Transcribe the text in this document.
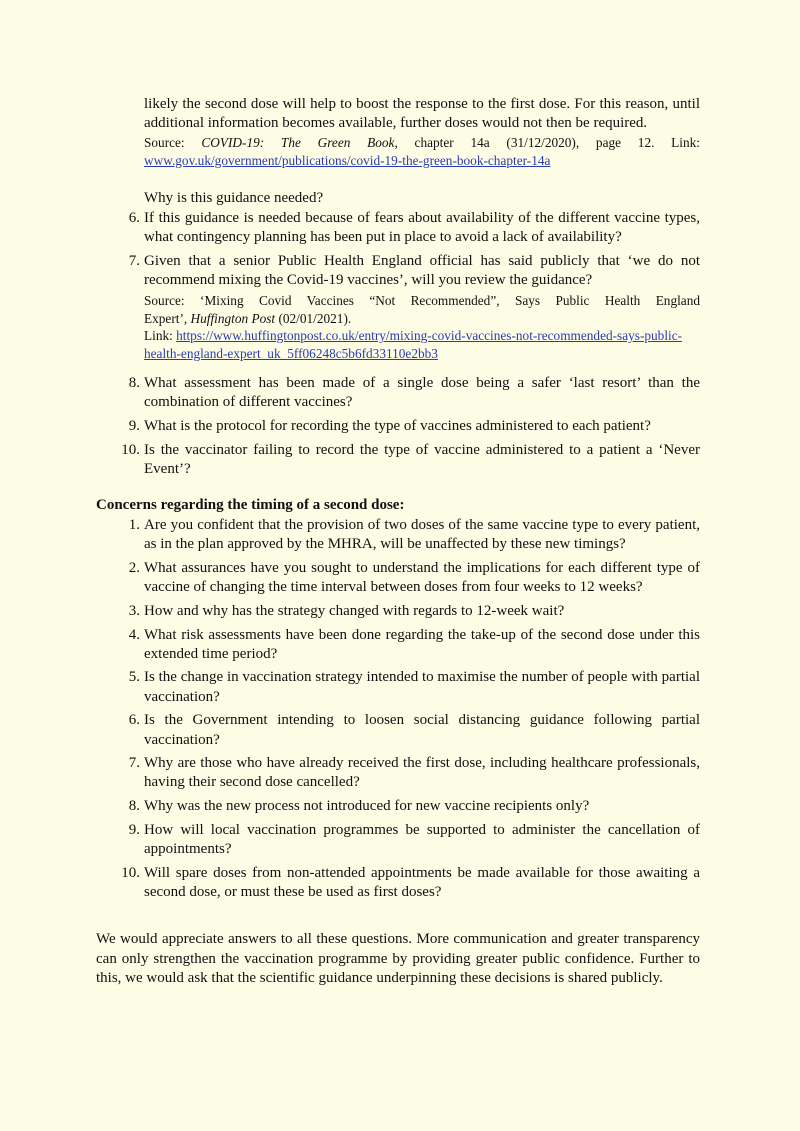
likely the second dose will help to boost the response to the first dose. For this reason, until

additional information becomes available, further doses would not then be required.

Source: COVID-19: The Green Book, chapter 14a (31/12/2020), page 12. Link:

www.gov.uk/government/publications/covid-19-the-green-book-chapter-14a

Why is this guidance needed?

6. If this guidance is needed because of fears about availability of the different vaccine types, what contingency planning has been put in place to avoid a lack of availability?
7. Given that a senior Public Health England official has said publicly that ‘we do not recommend mixing the Covid-19 vaccines’, will you review the guidance?

Source: ‘Mixing Covid Vaccines “Not Recommended”, Says Public Health England

Expert’, Huffington Post (02/01/2021).

Link: https://www.huffingtonpost.co.uk/entry/mixing-covid-vaccines-not-recommended-says-public-

health-england-expert_uk_5ff06248c5b6fd33110e2bb3

8. What assessment has been made of a single dose being a safer ‘last resort’ than the combination of different vaccines?
9. What is the protocol for recording the type of vaccines administered to each patient?
10. Is the vaccinator failing to record the type of vaccine administered to a patient a ‘Never Event’?

Concerns regarding the timing of a second dose:

1. Are you confident that the provision of two doses of the same vaccine type to every patient, as in the plan approved by the MHRA, will be unaffected by these new timings?
2. What assurances have you sought to understand the implications for each different type of vaccine of changing the time interval between doses from four weeks to 12 weeks?
3. How and why has the strategy changed with regards to 12-week wait?
4. What risk assessments have been done regarding the take-up of the second dose under this extended time period?
5. Is the change in vaccination strategy intended to maximise the number of people with partial vaccination?
6. Is the Government intending to loosen social distancing guidance following partial vaccination?
7. Why are those who have already received the first dose, including healthcare professionals, having their second dose cancelled?
8. Why was the new process not introduced for new vaccine recipients only?
9. How will local vaccination programmes be supported to administer the cancellation of appointments?
10. Will spare doses from non-attended appointments be made available for those awaiting a second dose, or must these be used as first doses?

We would appreciate answers to all these questions. More communication and greater transparency can only strengthen the vaccination programme by providing greater public confidence. Further to this, we would ask that the scientific guidance underpinning these decisions is shared publicly.
